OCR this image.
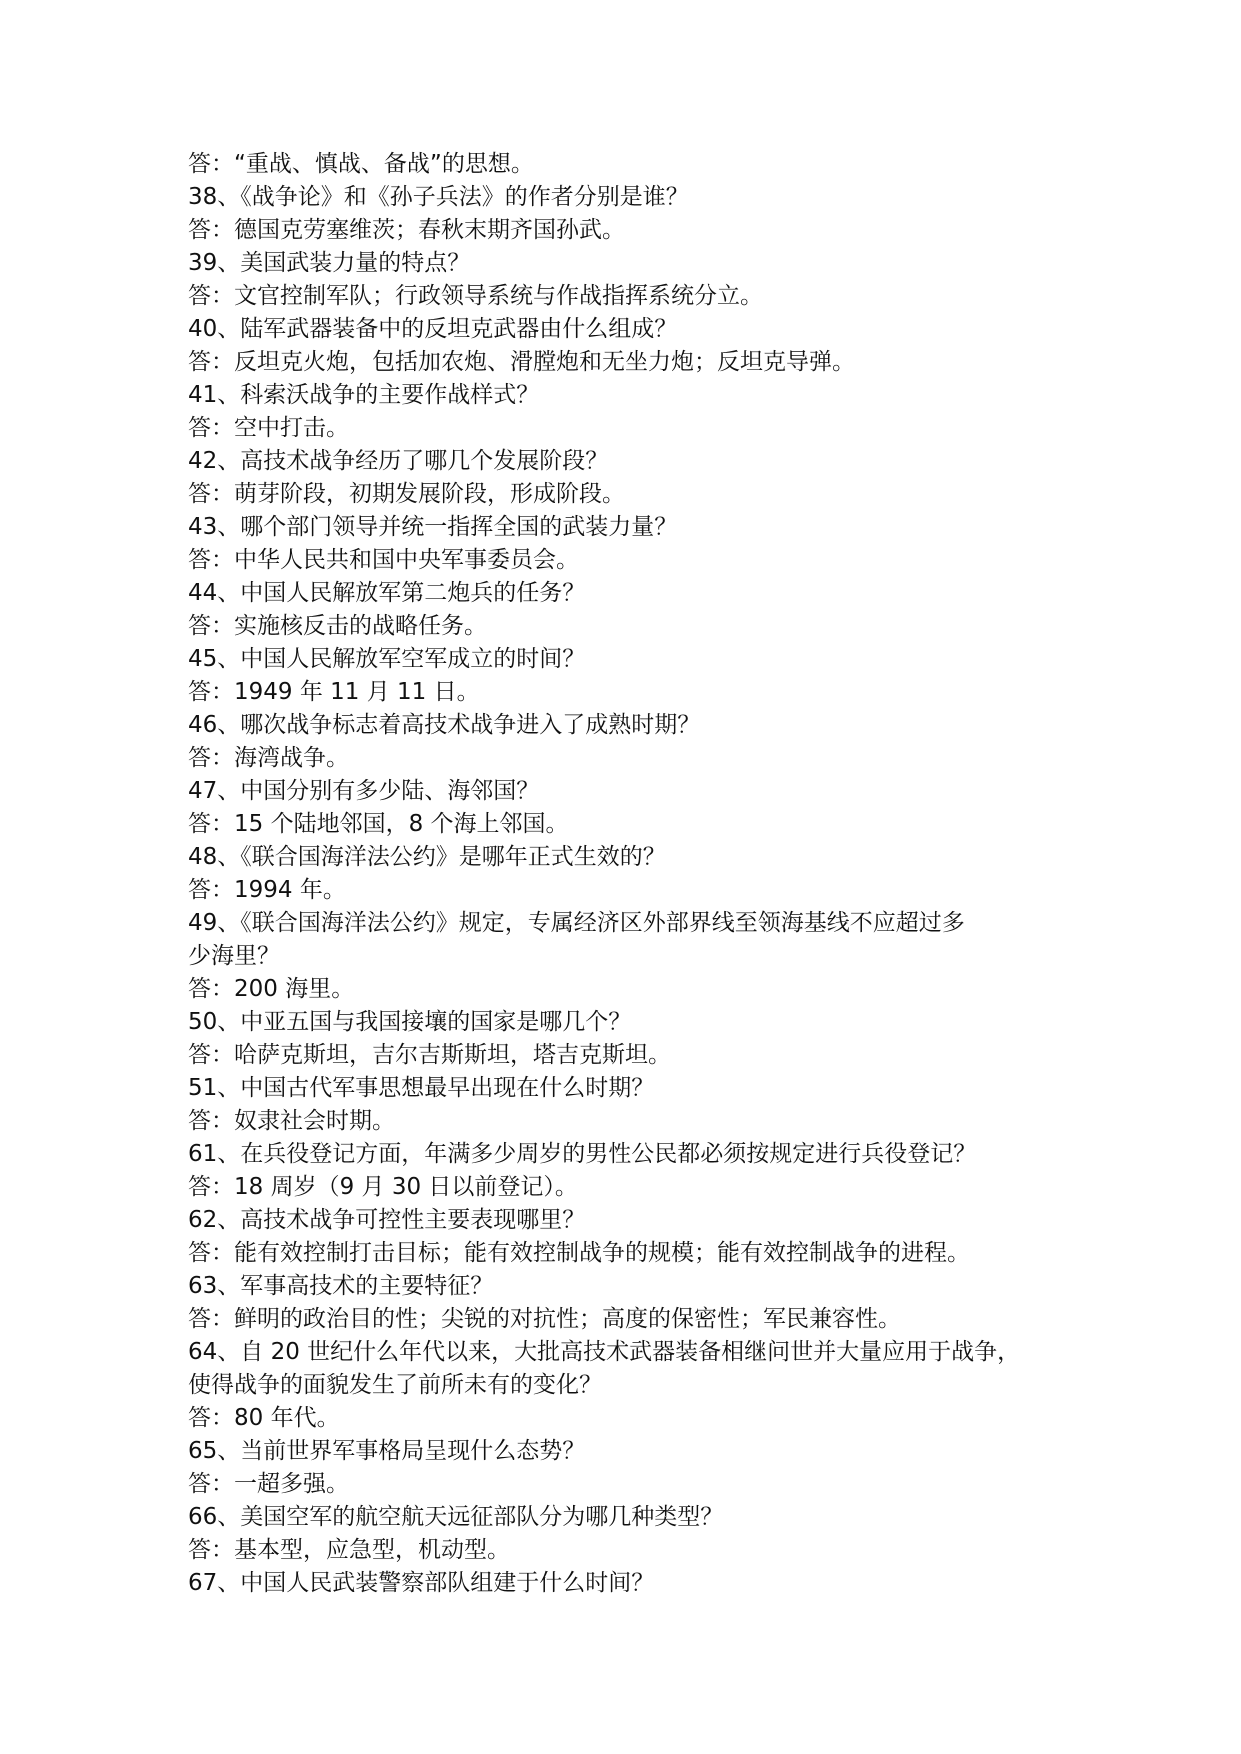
答：“重战、慎战、备战”的思想。
38、《战争论》和《孙子兵法》的作者分别是谁？
答：德国克劳塞维茨；春秋末期齐国孙武。
39、美国武装力量的特点？
答：文官控制军队；行政领导系统与作战指挥系统分立。
40、陆军武器装备中的反坦克武器由什么组成？
答：反坦克火炮，包括加农炮、滑膛炮和无坐力炮；反坦克导弹。
41、科索沃战争的主要作战样式？
答：空中打击。
42、高技术战争经历了哪几个发展阶段？
答：萌芽阶段，初期发展阶段，形成阶段。
43、哪个部门领导并统一指挥全国的武装力量？
答：中华人民共和国中央军事委员会。
44、中国人民解放军第二炮兵的任务？
答：实施核反击的战略任务。
45、中国人民解放军空军成立的时间？
答：1949 年 11 月 11 日。
46、哪次战争标志着高技术战争进入了成熟时期？
答：海湾战争。
47、中国分别有多少陆、海邻国？
答：15 个陆地邻国，8 个海上邻国。
48、《联合国海洋法公约》是哪年正式生效的？
答：1994 年。
49、《联合国海洋法公约》规定，专属经济区外部界线至领海基线不应超过多
少海里？
答：200 海里。
50、中亚五国与我国接壤的国家是哪几个？
答：哈萨克斯坦，吉尔吉斯斯坦，塔吉克斯坦。
51、中国古代军事思想最早出现在什么时期？
答：奴隶社会时期。
61、在兵役登记方面，年满多少周岁的男性公民都必须按规定进行兵役登记？
答：18 周岁（9 月 30 日以前登记）。
62、高技术战争可控性主要表现哪里？
答：能有效控制打击目标；能有效控制战争的规模；能有效控制战争的进程。
63、军事高技术的主要特征？
答：鲜明的政治目的性；尖锐的对抗性；高度的保密性；军民兼容性。
64、自 20 世纪什么年代以来，大批高技术武器装备相继问世并大量应用于战争，
使得战争的面貌发生了前所未有的变化？
答：80 年代。
65、当前世界军事格局呈现什么态势？
答：一超多强。
66、美国空军的航空航天远征部队分为哪几种类型？
答：基本型，应急型，机动型。
67、中国人民武装警察部队组建于什么时间？
